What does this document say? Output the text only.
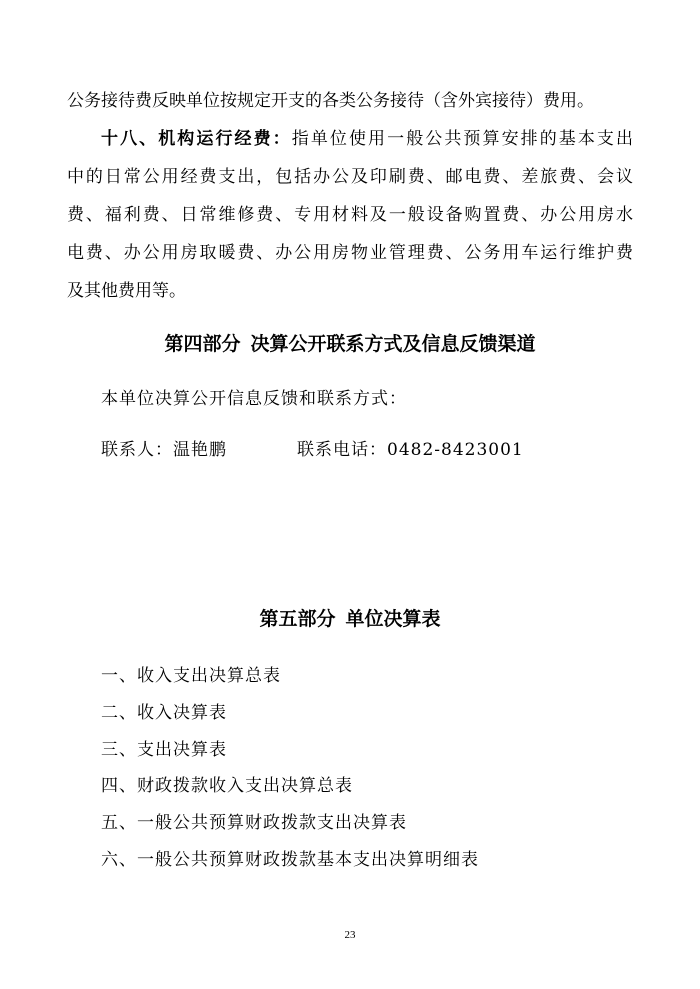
公务接待费反映单位按规定开支的各类公务接待（含外宾接待）费用。
十八、机构运行经费：指单位使用一般公共预算安排的基本支出
中的日常公用经费支出，包括办公及印刷费、邮电费、差旅费、会议
费、福利费、日常维修费、专用材料及一般设备购置费、办公用房水
电费、办公用房取暖费、办公用房物业管理费、公务用车运行维护费
及其他费用等。
第四部分 决算公开联系方式及信息反馈渠道
本单位决算公开信息反馈和联系方式：
联系人：温艳鹏	联系电话：0482-8423001
第五部分 单位决算表
一、收入支出决算总表
二、收入决算表
三、支出决算表
四、财政拨款收入支出决算总表
五、一般公共预算财政拨款支出决算表
六、一般公共预算财政拨款基本支出决算明细表
23
